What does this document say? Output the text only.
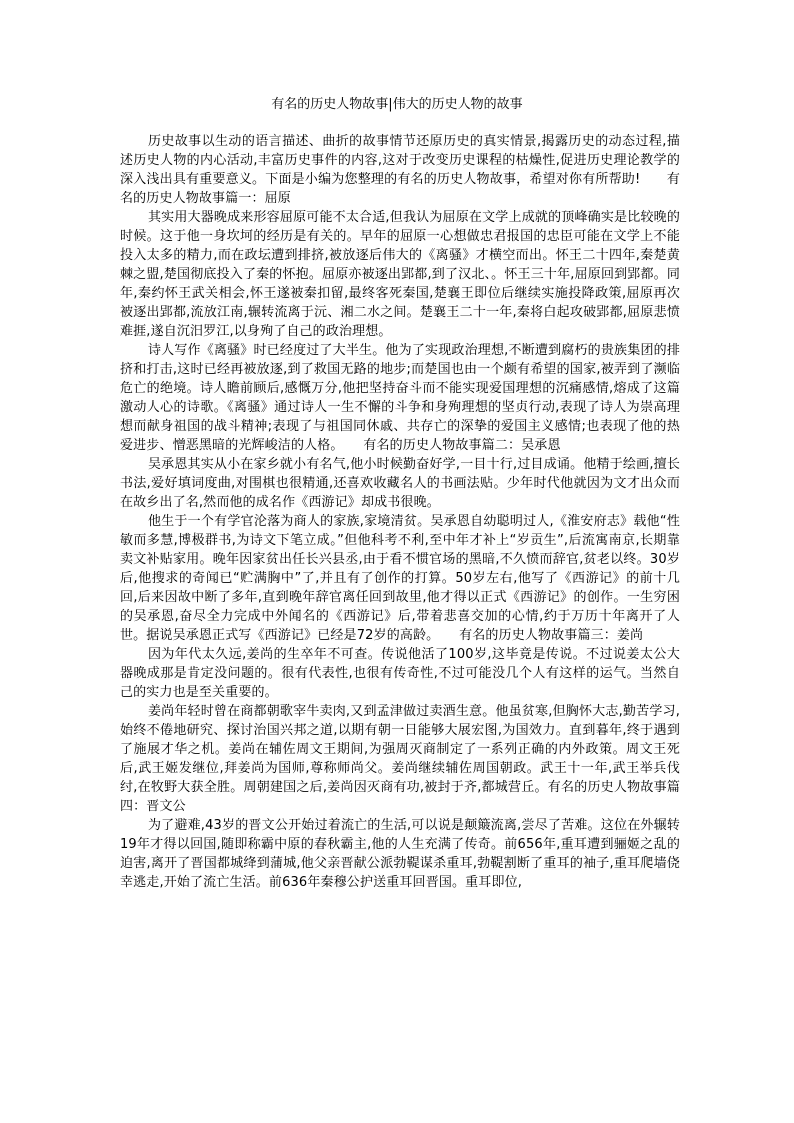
有名的历史人物故事|伟大的历史人物的故事

历史故事以生动的语言描述、曲折的故事情节还原历史的真实情景,揭露历史的动态过程,描述历史人物的内心活动,丰富历史事件的内容,这对于改变历史课程的枯燥性,促进历史理论教学的深入浅出具有重要意义。下面是小编为您整理的有名的历史人物故事，希望对你有所帮助!　　有名的历史人物故事篇一：屈原

其实用大器晚成来形容屈原可能不太合适,但我认为屈原在文学上成就的顶峰确实是比较晚的时候。这于他一身坎坷的经历是有关的。早年的屈原一心想做忠君报国的忠臣可能在文学上不能投入太多的精力,而在政坛遭到排挤,被放逐后伟大的《离骚》才横空而出。怀王二十四年,秦楚黄棘之盟,楚国彻底投入了秦的怀抱。屈原亦被逐出郢都,到了汉北、。怀王三十年,屈原回到郢都。同年,秦约怀王武关相会,怀王遂被秦扣留,最终客死秦国,楚襄王即位后继续实施投降政策,屈原再次被逐出郢都,流放江南,辗转流离于沅、湘二水之间。楚襄王二十一年,秦将白起攻破郢都,屈原悲愤难捱,遂自沉汨罗江,以身殉了自己的政治理想。

诗人写作《离骚》时已经度过了大半生。他为了实现政治理想,不断遭到腐朽的贵族集团的排挤和打击,这时已经再被放逐,到了救国无路的地步;而楚国也由一个颇有希望的国家,被弄到了濒临危亡的绝境。诗人瞻前顾后,感慨万分,他把坚持奋斗而不能实现爱国理想的沉痛感情,熔成了这篇激动人心的诗歌。《离骚》通过诗人一生不懈的斗争和身殉理想的坚贞行动,表现了诗人为崇高理想而献身祖国的战斗精神;表现了与祖国同休戚、共存亡的深挚的爱国主义感情;也表现了他的热爱进步、憎恶黑暗的光辉峻洁的人格。　　有名的历史人物故事篇二：吴承恩

吴承恩其实从小在家乡就小有名气,他小时候勤奋好学,一目十行,过目成诵。他精于绘画,擅长书法,爱好填词度曲,对围棋也很精通,还喜欢收藏名人的书画法贴。少年时代他就因为文才出众而在故乡出了名,然而他的成名作《西游记》却成书很晚。

他生于一个有学官沦落为商人的家族,家境清贫。吴承恩自幼聪明过人,《淮安府志》载他“性敏而多慧,博极群书,为诗文下笔立成。”但他科考不利,至中年才补上“岁贡生”,后流寓南京,长期靠卖文补贴家用。晚年因家贫出任长兴县丞,由于看不惯官场的黑暗,不久愤而辞官,贫老以终。30岁后,他搜求的奇闻已“贮满胸中”了,并且有了创作的打算。50岁左右,他写了《西游记》的前十几回,后来因故中断了多年,直到晚年辞官离任回到故里,他才得以正式《西游记》的创作。一生穷困的吴承恩,奋尽全力完成中外闻名的《西游记》后,带着悲喜交加的心情,约于万历十年离开了人世。据说吴承恩正式写《西游记》已经是72岁的高龄。　　有名的历史人物故事篇三：姜尚

因为年代太久远,姜尚的生卒年不可查。传说他活了100岁,这毕竟是传说。不过说姜太公大器晚成那是肯定没问题的。很有代表性,也很有传奇性,不过可能没几个人有这样的运气。当然自己的实力也是至关重要的。

姜尚年轻时曾在商都朝歌宰牛卖肉,又到孟津做过卖酒生意。他虽贫寒,但胸怀大志,勤苦学习,始终不倦地研究、探讨治国兴邦之道,以期有朝一日能够大展宏图,为国效力。直到暮年,终于遇到了施展才华之机。姜尚在辅佐周文王期间,为强周灭商制定了一系列正确的内外政策。周文王死后,武王姬发继位,拜姜尚为国师,尊称师尚父。姜尚继续辅佐周国朝政。武王十一年,武王举兵伐纣,在牧野大获全胜。周朝建国之后,姜尚因灭商有功,被封于齐,都城营丘。有名的历史人物故事篇四：晋文公

为了避难,43岁的晋文公开始过着流亡的生活,可以说是颠簸流离,尝尽了苦难。这位在外辗转19年才得以回国,随即称霸中原的春秋霸主,他的人生充满了传奇。前656年,重耳遭到骊姬之乱的迫害,离开了晋国都城绛到蒲城,他父亲晋献公派勃鞮谋杀重耳,勃鞮割断了重耳的袖子,重耳爬墙侥幸逃走,开始了流亡生活。前636年秦穆公护送重耳回晋国。重耳即位,
